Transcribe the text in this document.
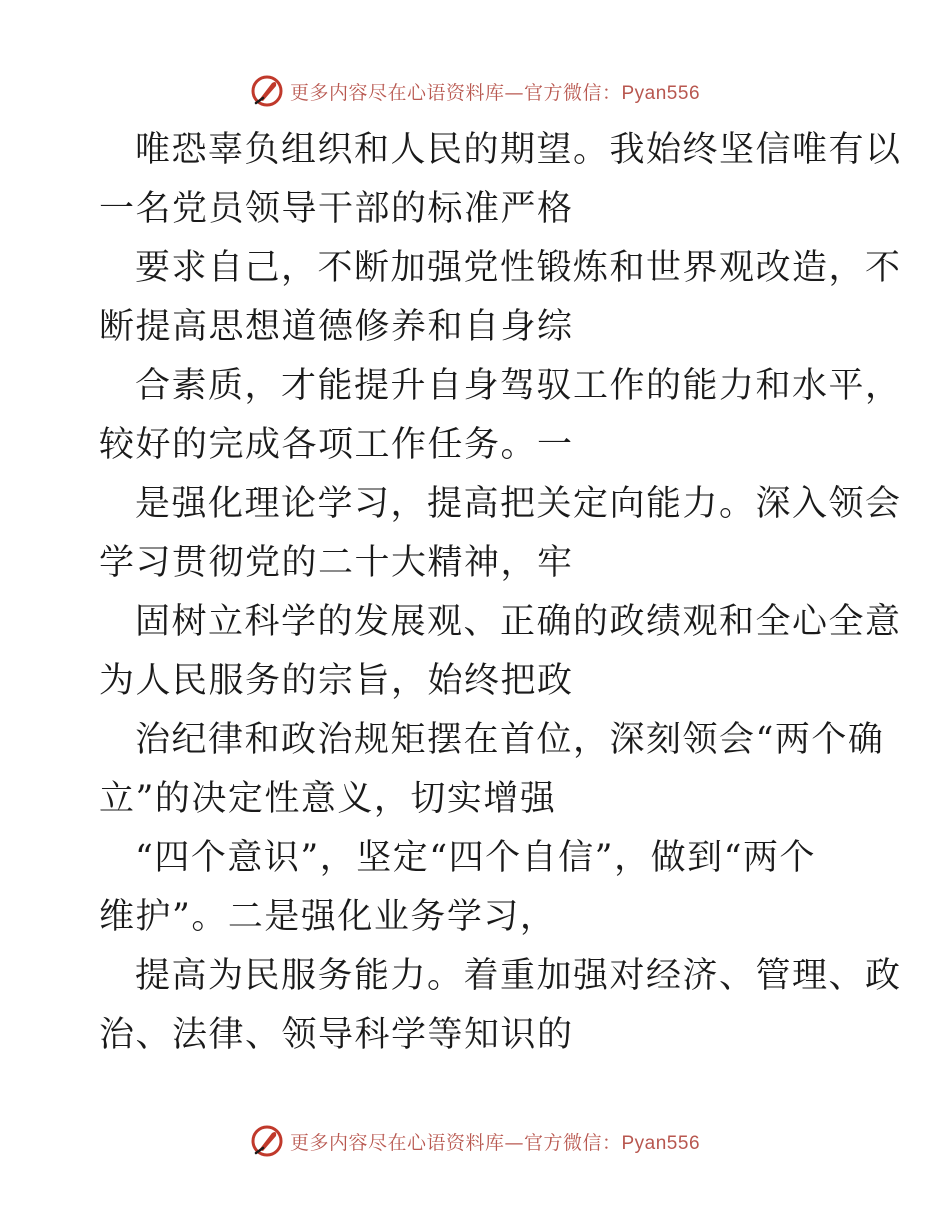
更多内容尽在心语资料库—官方微信：Pyan556
唯恐辜负组织和人民的期望。我始终坚信唯有以
一名党员领导干部的标准严格
要求自己，不断加强党性锻炼和世界观改造，不
断提高思想道德修养和自身综
合素质，才能提升自身驾驭工作的能力和水平，
较好的完成各项工作任务。一
是强化理论学习，提高把关定向能力。深入领会
学习贯彻党的二十大精神，牢
固树立科学的发展观、正确的政绩观和全心全意
为人民服务的宗旨，始终把政
治纪律和政治规矩摆在首位，深刻领会“两个确
立”的决定性意义，切实增强
“四个意识”，坚定“四个自信”，做到“两个
维护”。二是强化业务学习，
提高为民服务能力。着重加强对经济、管理、政
治、法律、领导科学等知识的
更多内容尽在心语资料库—官方微信：Pyan556
